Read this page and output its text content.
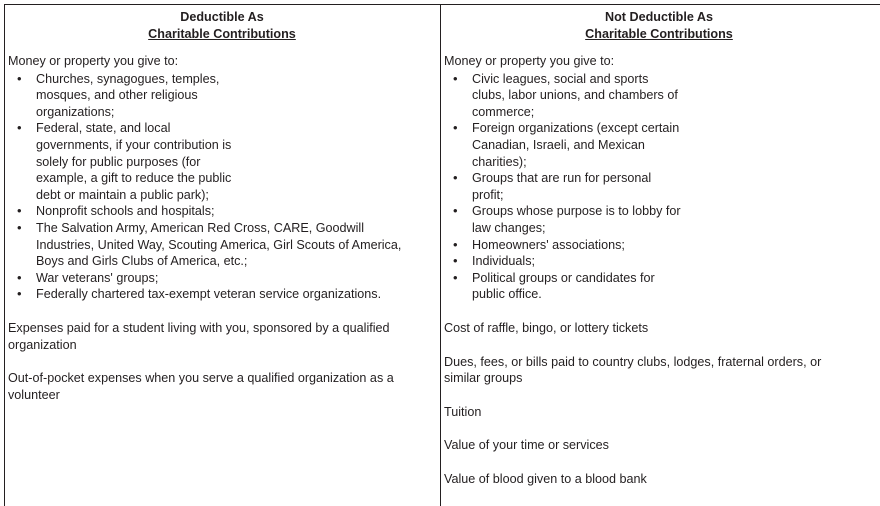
Deductible As
Charitable Contributions
Money or property you give to:
• Churches, synagogues, temples,
mosques, and other religious
organizations;
• Federal, state, and local
governments, if your contribution is
solely for public purposes (for
example, a gift to reduce the public
debt or maintain a public park);
• Nonprofit schools and hospitals;
• The Salvation Army, American Red Cross, CARE, Goodwill
Industries, United Way, Scouting America, Girl Scouts of America,
Boys and Girls Clubs of America, etc.;
• War veterans' groups;
• Federally chartered tax-exempt veteran service organizations.
Expenses paid for a student living with you, sponsored by a qualified
organization
Out-of-pocket expenses when you serve a qualified organization as a
volunteer
Not Deductible As
Charitable Contributions
Money or property you give to:
• Civic leagues, social and sports
clubs, labor unions, and chambers of
commerce;
• Foreign organizations (except certain
Canadian, Israeli, and Mexican
charities);
• Groups that are run for personal
profit;
• Groups whose purpose is to lobby for
law changes;
• Homeowners' associations;
• Individuals;
• Political groups or candidates for
public office.
Cost of raffle, bingo, or lottery tickets
Dues, fees, or bills paid to country clubs, lodges, fraternal orders, or
similar groups
Tuition
Value of your time or services
Value of blood given to a blood bank
